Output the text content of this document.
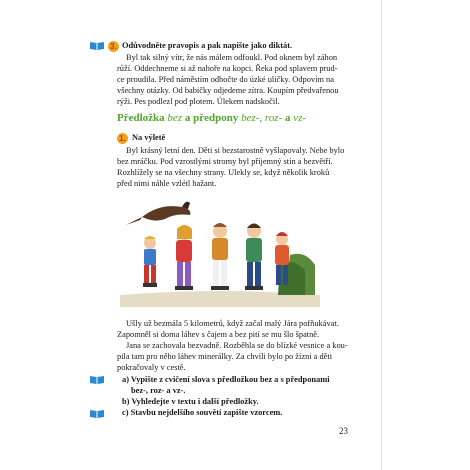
3. Odůvodněte pravopis a pak napište jako diktát.
Byl tak silný vítr, že nás málem odfoukl. Pod oknem byl záhon
růží. Oddechneme si až nahoře na kopci. Řeka pod splavem prud-
ce proudila. Před náměstím odbočte do úzké uličky. Odpovím na
všechny otázky. Od babičky odjedeme zítra. Koupím předvařenou
rýži. Pes podlezl pod plotem. Úlekem nadskočil.
Předložka bez a předpony bez-, roz- a vz-
1. Na výletě
Byl krásný letní den. Děti si bezstarostně vyšlapovaly. Nebe bylo
bez mráčku. Pod vzrostlými stromy byl příjemný stín a bezvětří.
Rozhlížely se na všechny strany. Ulekly se, když několik kroků
před nimi náhle vzlétl bažant.
Ušly už bezmála 5 kilometrů, když začal malý Jára pofňukávat.
Zapomněl si doma láhev s čajem a bez pití se mu šlo špatně.
Jana se zachovala bezvadně. Rozběhla se do blízké vesnice a kou-
pila tam pro něho láhev minerálky. Za chvíli bylo po žízni a děti
pokračovaly v cestě.
a) Vypište z cvičení slova s předložkou bez a s předponami
bez-, roz- a vz-.
b) Vyhledejte v textu i další předložky.
c) Stavbu nejdelšího souvětí zapište vzorcem.
23
